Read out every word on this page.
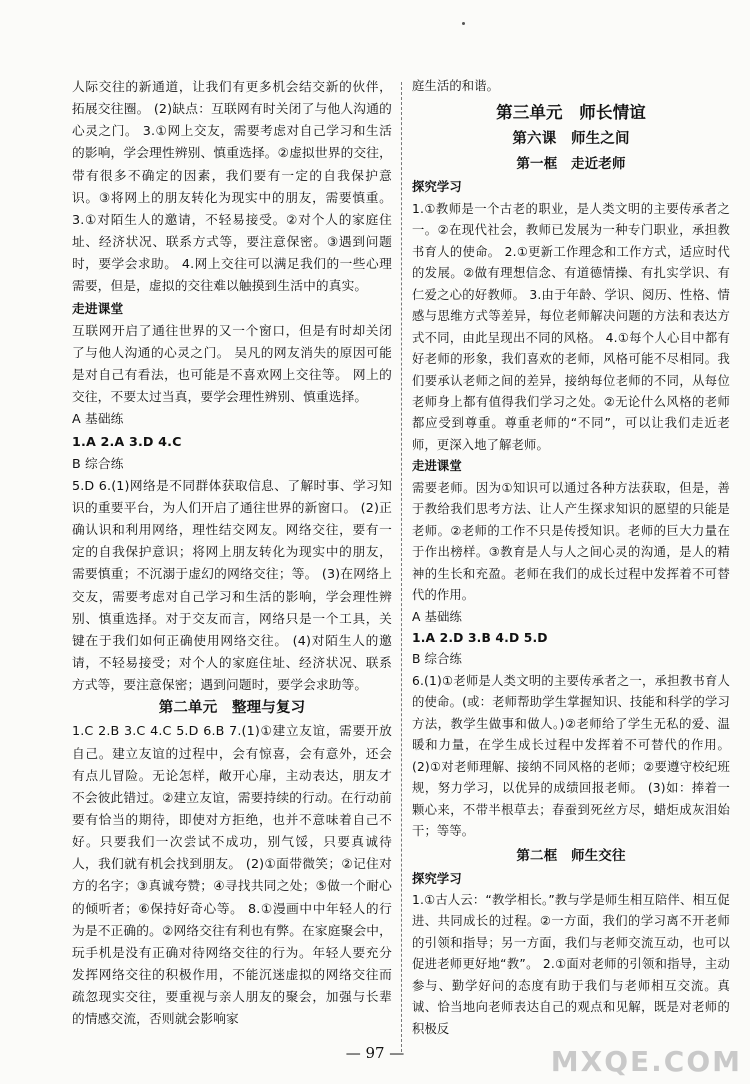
人际交往的新通道，让我们有更多机会结交新的伙伴，拓展交往圈。 (2)缺点：互联网有时关闭了与他人沟通的心灵之门。 3.①网上交友，需要考虑对自己学习和生活的影响，学会理性辨别、慎重选择。②虚拟世界的交往，带有很多不确定的因素，我们要有一定的自我保护意识。③将网上的朋友转化为现实中的朋友，需要慎重。 3.①对陌生人的邀请，不轻易接受。②对个人的家庭住址、经济状况、联系方式等，要注意保密。③遇到问题时，要学会求助。 4.网上交往可以满足我们的一些心理需要，但是，虚拟的交往难以触摸到生活中的真实。

走进课堂

互联网开启了通往世界的又一个窗口，但是有时却关闭了与他人沟通的心灵之门。 吴凡的网友消失的原因可能是对自己有看法，也可能是不喜欢网上交往等。 网上的交往，不要太过当真，要学会理性辨别、慎重选择。

A 基础练

1.A 2.A 3.D 4.C

B 综合练

5.D 6.(1)网络是不同群体获取信息、了解时事、学习知识的重要平台，为人们开启了通往世界的新窗口。 (2)正确认识和利用网络，理性结交网友。网络交往，要有一定的自我保护意识；将网上朋友转化为现实中的朋友，需要慎重；不沉溺于虚幻的网络交往；等。 (3)在网络上交友，需要考虑对自己学习和生活的影响，学会理性辨别、慎重选择。对于交友而言，网络只是一个工具，关键在于我们如何正确使用网络交往。 (4)对陌生人的邀请，不轻易接受；对个人的家庭住址、经济状况、联系方式等，要注意保密；遇到问题时，要学会求助等。

第二单元　整理与复习

1.C 2.B 3.C 4.C 5.D 6.B 7.(1)①建立友谊，需要开放自己。建立友谊的过程中，会有惊喜，会有意外，还会有点儿冒险。无论怎样，敞开心扉，主动表达，朋友才不会彼此错过。②建立友谊，需要持续的行动。在行动前要有恰当的期待，即使对方拒绝，也并不意味着自己不好。只要我们一次尝试不成功，别气馁，只要真诚待人，我们就有机会找到朋友。 (2)①面带微笑；②记住对方的名字；③真诚夸赞；④寻找共同之处；⑤做一个耐心的倾听者；⑥保持好奇心等。 8.①漫画中中年轻人的行为是不正确的。②网络交往有利也有弊。在家庭聚会中，玩手机是没有正确对待网络交往的行为。年轻人要充分发挥网络交往的积极作用，不能沉迷虚拟的网络交往而疏忽现实交往，要重视与亲人朋友的聚会，加强与长辈的情感交流，否则就会影响家

庭生活的和谐。

第三单元　师长情谊

第六课　师生之间

第一框　走近老师

探究学习

1.①教师是一个古老的职业，是人类文明的主要传承者之一。②在现代社会，教师已发展为一种专门职业，承担教书育人的使命。 2.①更新工作理念和工作方式，适应时代的发展。②做有理想信念、有道德情操、有扎实学识、有仁爱之心的好教师。 3.由于年龄、学识、阅历、性格、情感与思维方式等差异，每位老师解决问题的方法和表达方式不同，由此呈现出不同的风格。 4.①每个人心目中都有好老师的形象，我们喜欢的老师，风格可能不尽相同。我们要承认老师之间的差异，接纳每位老师的不同，从每位老师身上都有值得我们学习之处。②无论什么风格的老师都应受到尊重。尊重老师的“不同”，可以让我们走近老师，更深入地了解老师。

走进课堂

需要老师。因为①知识可以通过各种方法获取，但是，善于教给我们思考方法、让人产生探求知识的愿望的只能是老师。②老师的工作不只是传授知识。老师的巨大力量在于作出榜样。③教育是人与人之间心灵的沟通，是人的精神的生长和充盈。老师在我们的成长过程中发挥着不可替代的作用。

A 基础练

1.A 2.D 3.B 4.D 5.D

B 综合练

6.(1)①老师是人类文明的主要传承者之一，承担教书育人的使命。(或：老师帮助学生掌握知识、技能和科学的学习方法，教学生做事和做人。)②老师给了学生无私的爱、温暖和力量，在学生成长过程中发挥着不可替代的作用。 (2)①对老师理解、接纳不同风格的老师；②要遵守校纪班规，努力学习，以优异的成绩回报老师。 (3)如：捧着一颗心来，不带半根草去；春蚕到死丝方尽，蜡炬成灰泪始干；等等。

第二框　师生交往

探究学习

1.①古人云：“教学相长。”教与学是师生相互陪伴、相互促进、共同成长的过程。②一方面，我们的学习离不开老师的引领和指导；另一方面，我们与老师交流互动，也可以促进老师更好地“教”。 2.①面对老师的引领和指导，主动参与、勤学好问的态度有助于我们与老师相互交流。真诚、恰当地向老师表达自己的观点和见解，既是对老师的积极反

— 97 —	MXQE.COM
